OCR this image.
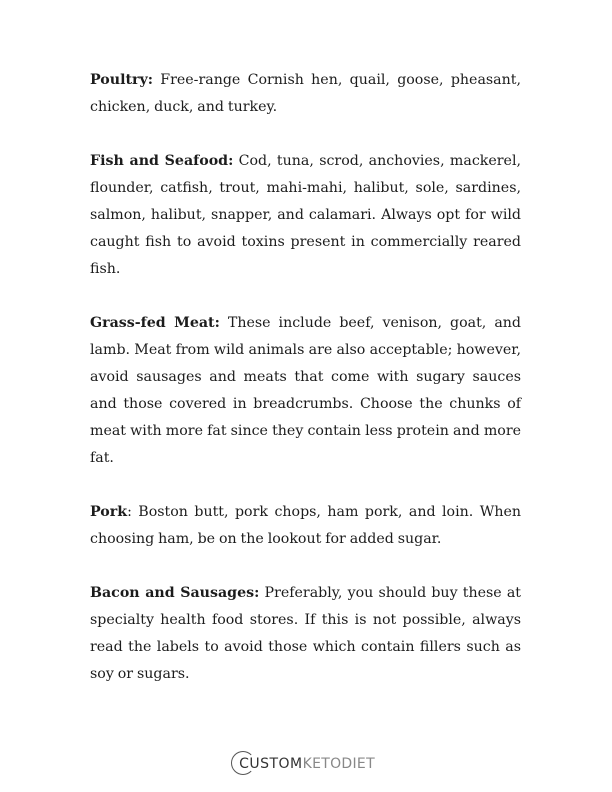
Poultry: Free-range Cornish hen, quail, goose, pheasant, chicken, duck, and turkey.

Fish and Seafood: Cod, tuna, scrod, anchovies, mackerel, flounder, catfish, trout, mahi-mahi, halibut, sole, sardines, salmon, halibut, snapper, and calamari. Always opt for wild caught fish to avoid toxins present in commercially reared fish.

Grass-fed Meat: These include beef, venison, goat, and lamb. Meat from wild animals are also acceptable; however, avoid sausages and meats that come with sugary sauces and those covered in breadcrumbs. Choose the chunks of meat with more fat since they contain less protein and more fat.

Pork: Boston butt, pork chops, ham pork, and loin. When choosing ham, be on the lookout for added sugar.

Bacon and Sausages: Preferably, you should buy these at specialty health food stores. If this is not possible, always read the labels to avoid those which contain fillers such as soy or sugars.

CUSTOMKETODIET
